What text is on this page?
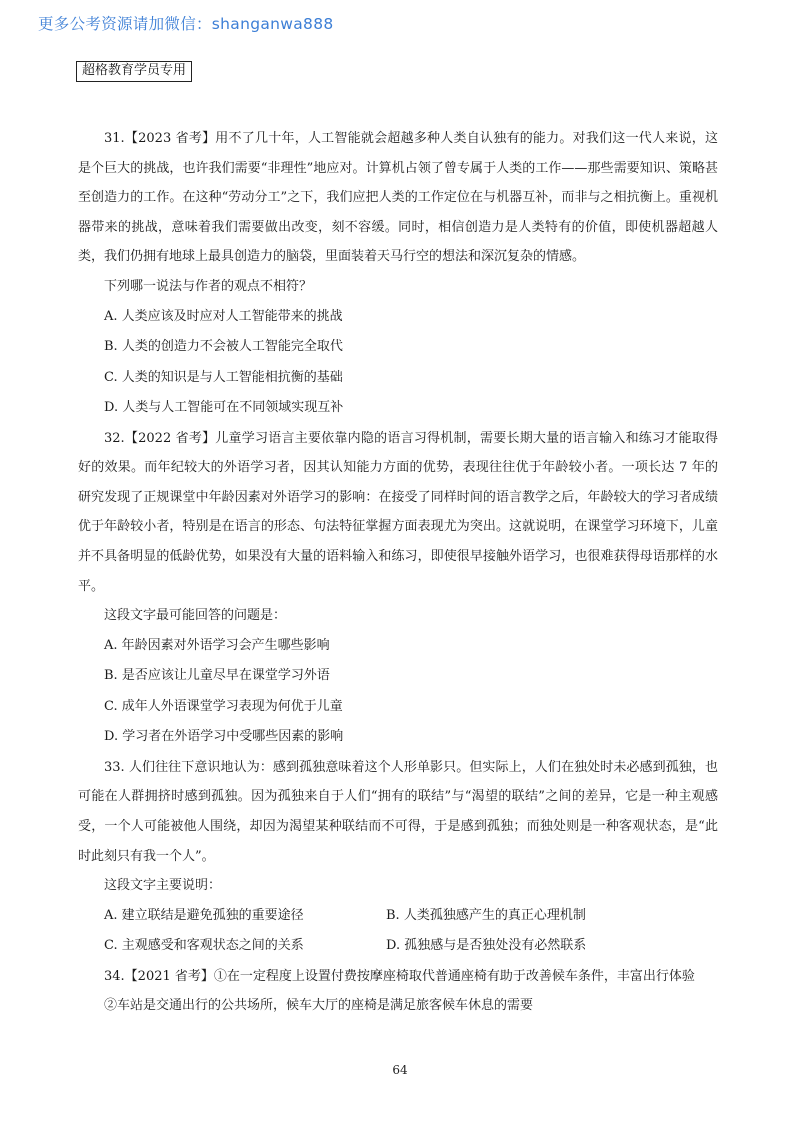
更多公考资源请加微信：shanganwa888
超格教育学员专用

31.【2023 省考】用不了几十年，人工智能就会超越多种人类自认独有的能力。对我们这一代人来说，这是个巨大的挑战，也许我们需要“非理性”地应对。计算机占领了曾专属于人类的工作——那些需要知识、策略甚至创造力的工作。在这种“劳动分工”之下，我们应把人类的工作定位在与机器互补，而非与之相抗衡上。重视机器带来的挑战，意味着我们需要做出改变，刻不容缓。同时，相信创造力是人类特有的价值，即使机器超越人类，我们仍拥有地球上最具创造力的脑袋，里面装着天马行空的想法和深沉复杂的情感。

下列哪一说法与作者的观点不相符？

A. 人类应该及时应对人工智能带来的挑战

B. 人类的创造力不会被人工智能完全取代

C. 人类的知识是与人工智能相抗衡的基础

D. 人类与人工智能可在不同领域实现互补

32.【2022 省考】儿童学习语言主要依靠内隐的语言习得机制，需要长期大量的语言输入和练习才能取得好的效果。而年纪较大的外语学习者，因其认知能力方面的优势，表现往往优于年龄较小者。一项长达 7 年的研究发现了正规课堂中年龄因素对外语学习的影响：在接受了同样时间的语言教学之后，年龄较大的学习者成绩优于年龄较小者，特别是在语言的形态、句法特征掌握方面表现尤为突出。这就说明，在课堂学习环境下，儿童并不具备明显的低龄优势，如果没有大量的语料输入和练习，即使很早接触外语学习，也很难获得母语那样的水平。

这段文字最可能回答的问题是：

A. 年龄因素对外语学习会产生哪些影响

B. 是否应该让儿童尽早在课堂学习外语

C. 成年人外语课堂学习表现为何优于儿童

D. 学习者在外语学习中受哪些因素的影响

33. 人们往往下意识地认为：感到孤独意味着这个人形单影只。但实际上，人们在独处时未必感到孤独，也可能在人群拥挤时感到孤独。因为孤独来自于人们“拥有的联结”与“渴望的联结”之间的差异，它是一种主观感受，一个人可能被他人围绕，却因为渴望某种联结而不可得，于是感到孤独；而独处则是一种客观状态，是“此时此刻只有我一个人”。

这段文字主要说明：

A. 建立联结是避免孤独的重要途径	B. 人类孤独感产生的真正心理机制
C. 主观感受和客观状态之间的关系	D. 孤独感与是否独处没有必然联系

34.【2021 省考】①在一定程度上设置付费按摩座椅取代普通座椅有助于改善候车条件，丰富出行体验

②车站是交通出行的公共场所，候车大厅的座椅是满足旅客候车休息的需要

64
